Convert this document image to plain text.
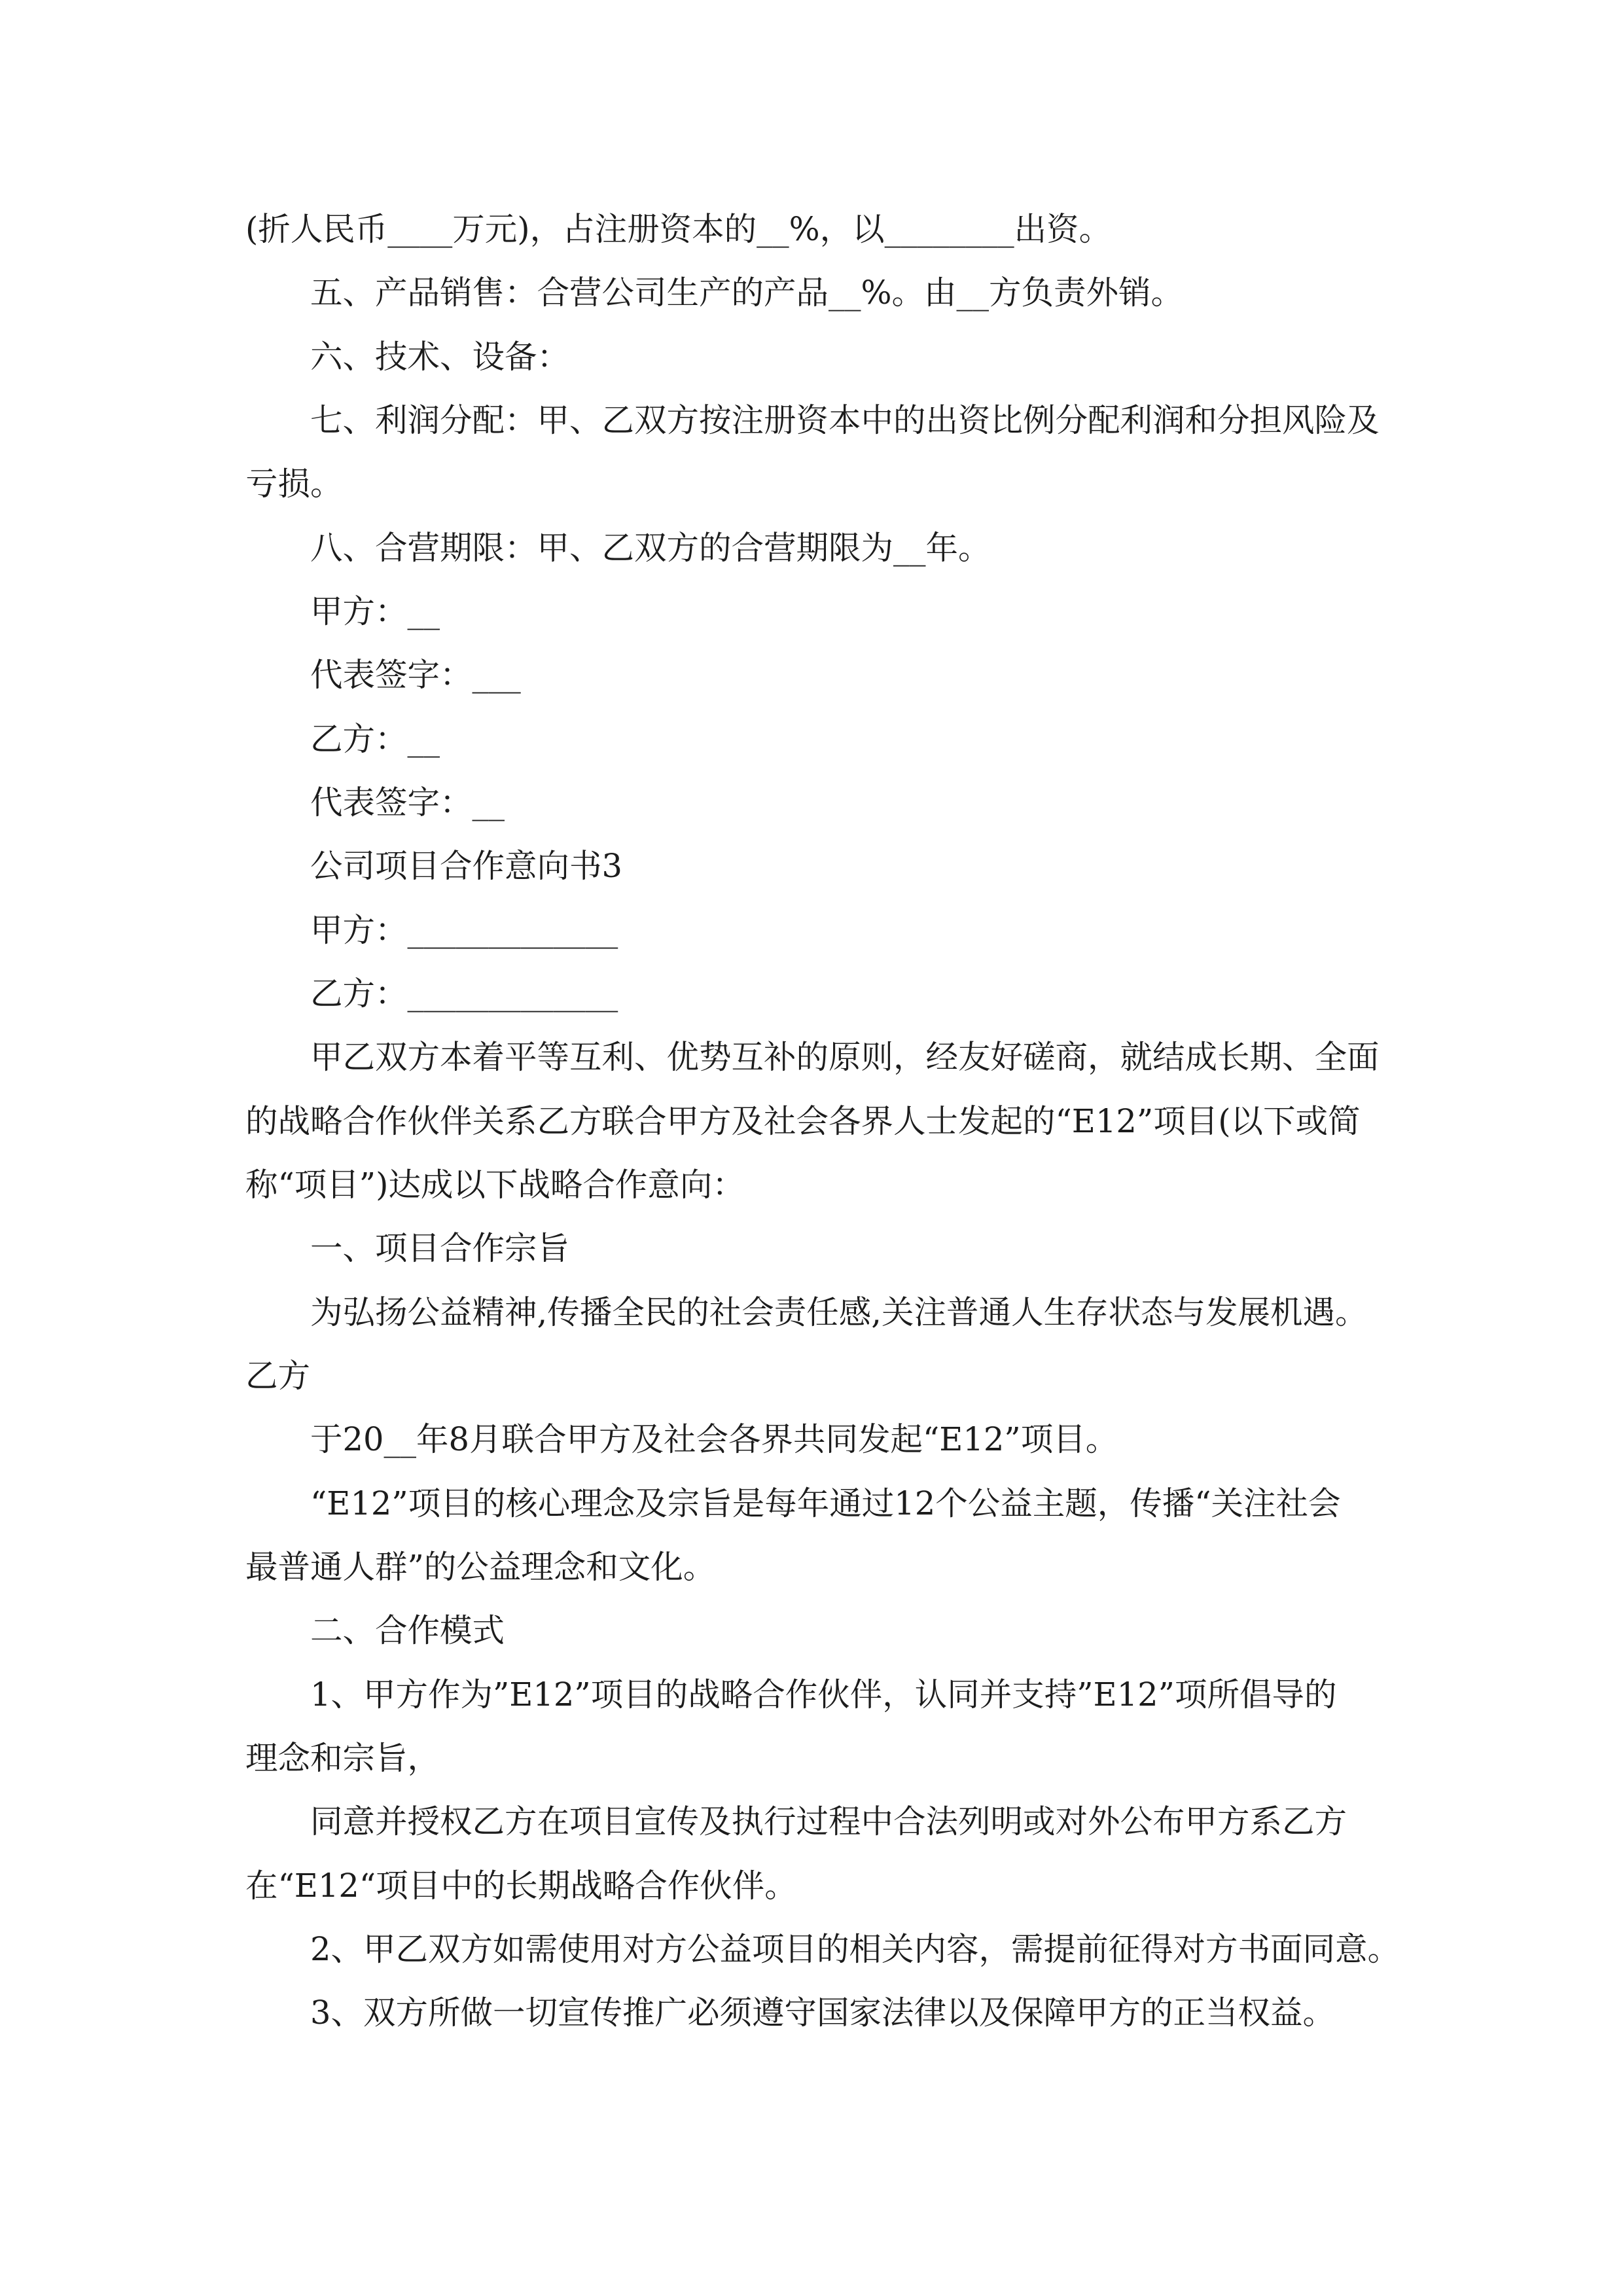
(折人民币____万元)，占注册资本的__%，以________出资。
五、产品销售：合营公司生产的产品__%。由__方负责外销。
六、技术、设备：
七、利润分配：甲、乙双方按注册资本中的出资比例分配利润和分担风险及
亏损。
八、合营期限：甲、乙双方的合营期限为__年。
甲方：__
代表签字：___
乙方：__
代表签字：__
公司项目合作意向书3
甲方：_____________
乙方：_____________
甲乙双方本着平等互利、优势互补的原则，经友好磋商，就结成长期、全面
的战略合作伙伴关系乙方联合甲方及社会各界人士发起的“E12”项目(以下或简
称“项目”)达成以下战略合作意向：
一、项目合作宗旨
为弘扬公益精神,传播全民的社会责任感,关注普通人生存状态与发展机遇。
乙方
于20__年8月联合甲方及社会各界共同发起“E12”项目。
“E12”项目的核心理念及宗旨是每年通过12个公益主题，传播“关注社会
最普通人群”的公益理念和文化。
二、合作模式
1、甲方作为”E12”项目的战略合作伙伴，认同并支持”E12”项所倡导的
理念和宗旨，
同意并授权乙方在项目宣传及执行过程中合法列明或对外公布甲方系乙方
在“E12“项目中的长期战略合作伙伴。
2、甲乙双方如需使用对方公益项目的相关内容，需提前征得对方书面同意。
3、双方所做一切宣传推广必须遵守国家法律以及保障甲方的正当权益。
